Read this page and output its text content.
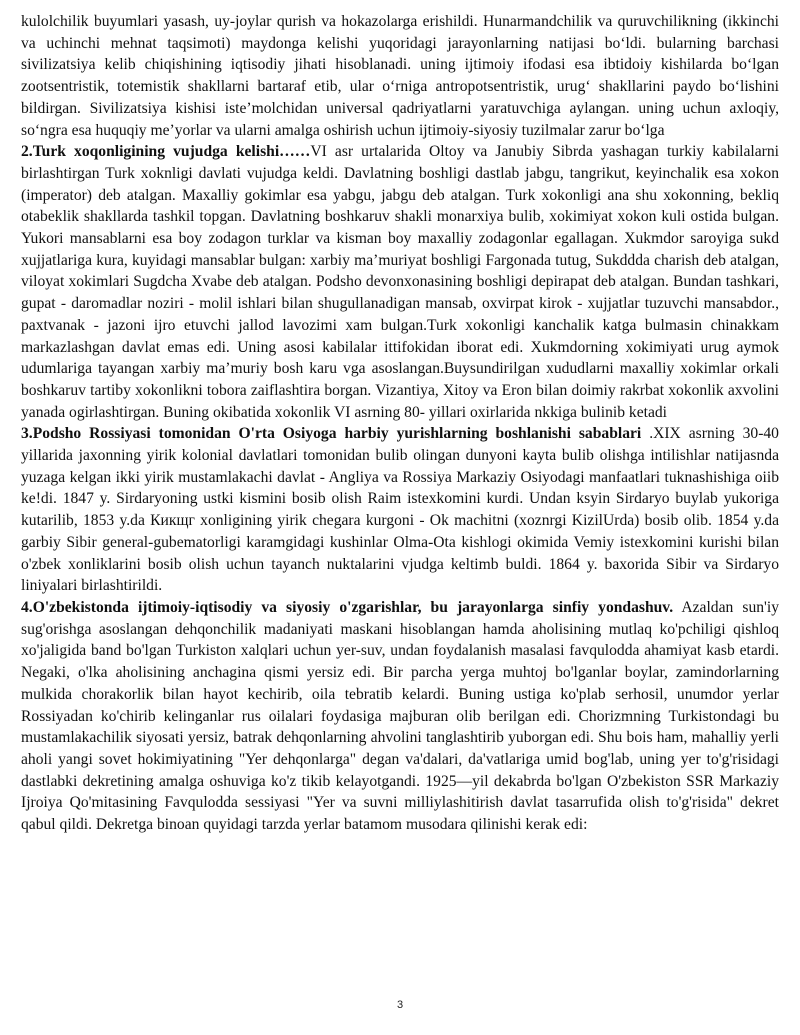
kulolchilik buyumlari yasash, uy-joylar qurish va hokazolarga erishildi. Hunarmandchilik va quruvchilikning (ikkinchi va uchinchi mehnat taqsimoti) maydonga kelishi yuqoridagi jarayonlarning natijasi bo‘ldi. bularning barchasi sivilizatsiya kelib chiqishining iqtisodiy jihati hisoblanadi. uning ijtimoiy ifodasi esa ibtidoiy kishilarda bo‘lgan zootsentristik, totemistik shakllarni bartaraf etib, ular o‘rniga antropotsentristik, urug‘ shakllarini paydo bo‘lishini bildirgan. Sivilizatsiya kishisi iste’molchidan universal qadriyatlarni yaratuvchiga aylangan. uning uchun axloqiy, so‘ngra esa huquqiy me’yorlar va ularni amalga oshirish uchun ijtimoiy-siyosiy tuzilmalar zarur bo‘lga

2.Turk xoqonligining vujudga kelishi……VI asr urtalarida Oltoy va Janubiy Sibrda yashagan turkiy kabilalarni birlashtirgan Turk xoknligi davlati vujudga keldi. Davlatning boshligi dastlab jabgu, tangrikut, keyinchalik esa xokon (imperator) deb atalgan. Maxalliy gokimlar esa yabgu, jabgu deb atalgan. Turk xokonligi ana shu xokonning, bekliq otabeklik shakllarda tashkil topgan. Davlatning boshkaruv shakli monarxiya bulib, xokimiyat xokon kuli ostida bulgan. Yukori mansablarni esa boy zodagon turklar va kisman boy maxalliy zodagonlar egallagan. Xukmdor saroyiga sukd xujjatlariga kura, kuyidagi mansablar bulgan: xarbiy ma’muriyat boshligi Fargonada tutug, Sukddda charish deb atalgan, viloyat xokimlari Sugdcha Xvabe deb atalgan. Podsho devonxonasining boshligi depirapat deb atalgan. Bundan tashkari, gupat - daromadlar noziri - molil ishlari bilan shugullanadigan mansab, oxvirpat kirok - xujjatlar tuzuvchi mansabdor., paxtvanak - jazoni ijro etuvchi jallod lavozimi xam bulgan.Turk xokonligi kanchalik katga bulmasin chinakkam markazlashgan davlat emas edi. Uning asosi kabilalar ittifokidan iborat edi. Xukmdorning xokimiyati urug aymok udumlariga tayangan xarbiy ma’muriy bosh karu vga asoslangan.Buysundirilgan xududlarni maxalliy xokimlar orkali boshkaruv tartiby xokonlikni tobora zaiflashtira borgan. Vizantiya, Xitoy va Eron bilan doimiy rakrbat xokonlik axvolini yanada ogirlashtirgan. Buning okibatida xokonlik VI asrning 80- yillari oxirlarida nkkiga bulinib ketadi

3.Podsho Rossiyasi tomonidan O'rta Osiyoga harbiy yurishlarning boshlanishi sabablari .XIX asrning 30-40 yillarida jaxonning yirik kolonial davlatlari tomonidan bulib olingan dunyoni kayta bulib olishga intilishlar natijasnda yuzaga kelgan ikki yirik mustamlakachi davlat - Angliya va Rossiya Markaziy Osiyodagi manfaatlari tuknashishiga oiib ke!di. 1847 y. Sirdaryoning ustki kismini bosib olish Raim istexkomini kurdi. Undan ksyin Sirdaryo buylab yukoriga kutarilib, 1853 y.da Кикщг xonligining yirik chegara kurgoni - Ok machitni (xoznrgi KizilUrda) bosib olib. 1854 y.da garbiy Sibir general-gubematorligi karamgidagi kushinlar Olma-Ota kishlogi okimida Vemiy istexkomini kurishi bilan o'zbek xonliklarini bosib olish uchun tayanch nuktalarini vjudga keltimb buldi. 1864 y. baxorida Sibir va Sirdaryo liniyalari birlashtirildi.

4.O'zbekistonda ijtimoiy-iqtisodiy va siyosiy o'zgarishlar, bu jarayonlarga sinfiy yondashuv. Azaldan sun'iy sug'orishga asoslangan dehqonchilik madaniyati maskani hisoblangan hamda aholisining mutlaq ko'pchiligi qishloq xo'jaligida band bo'lgan Turkiston xalqlari uchun yer-suv, undan foydalanish masalasi favqulodda ahamiyat kasb etardi. Negaki, o'lka aholisining anchagina qismi yersiz edi. Bir parcha yerga muhtoj bo'lganlar boylar, zamindorlarning mulkida chorakorlik bilan hayot kechirib, oila tebratib kelardi. Buning ustiga ko'plab serhosil, unumdor yerlar Rossiyadan ko'chirib kelinganlar rus oilalari foydasiga majburan olib berilgan edi. Chorizmning Turkistondagi bu mustamlakachilik siyosati yersiz, batrak dehqonlarning ahvolini tanglashtirib yuborgan edi. Shu bois ham, mahalliy yerli aholi yangi sovet hokimiyatining "Yer dehqonlarga" degan va'dalari, da'vatlariga umid bog'lab, uning yer to'g'risidagi dastlabki dekretining amalga oshuviga ko'z tikib kelayotgandi. 1925—yil dekabrda bo'lgan O'zbekiston SSR Markaziy Ijroiya Qo'mitasining Favqulodda sessiyasi "Yer va suvni milliylashitirish davlat tasarrufida olish to'g'risida" dekret qabul qildi. Dekretga binoan quyidagi tarzda yerlar batamom musodara qilinishi kerak edi:

3
